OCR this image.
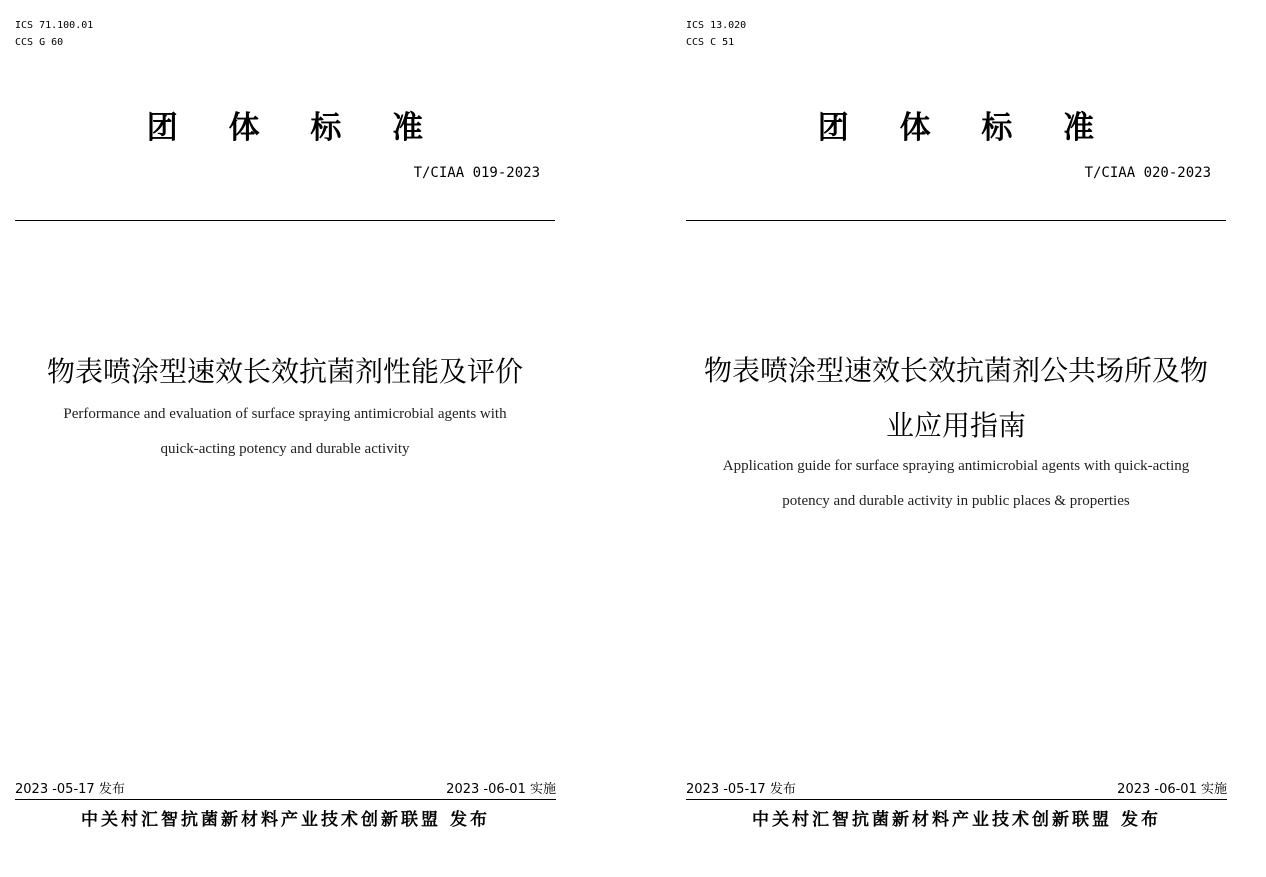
ICS 71.100.01
CCS G 60
团 体 标 准
T/CIAA 019-2023
物表喷涂型速效长效抗菌剂性能及评价
Performance and evaluation of surface spraying antimicrobial agents with
quick-acting potency and durable activity
2023 -05-17 发布	2023 -06-01 实施
中关村汇智抗菌新材料产业技术创新联盟 发布
ICS 13.020
CCS C 51
团 体 标 准
T/CIAA 020-2023
物表喷涂型速效长效抗菌剂公共场所及物
业应用指南
Application guide for surface spraying antimicrobial agents with quick-acting
potency and durable activity in public places & properties
2023 -05-17 发布	2023 -06-01 实施
中关村汇智抗菌新材料产业技术创新联盟 发布
